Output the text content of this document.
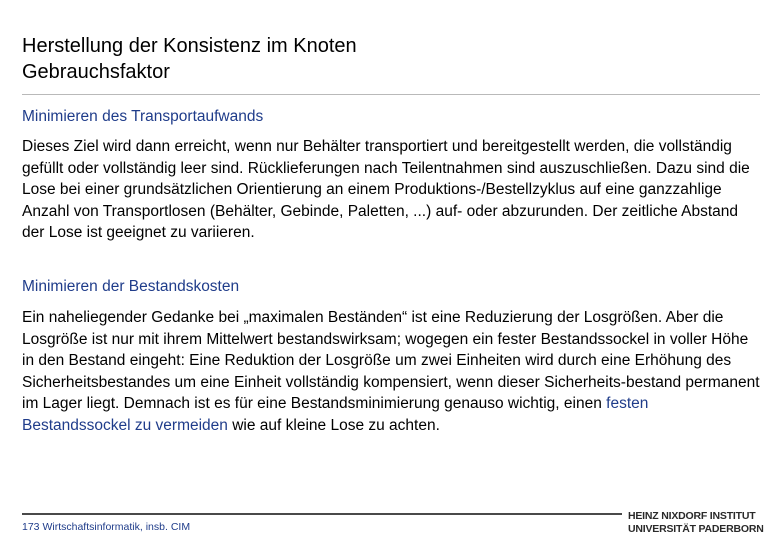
Herstellung der Konsistenz im Knoten
Gebrauchsfaktor
Minimieren des Transportaufwands

Dieses Ziel wird dann erreicht, wenn nur Behälter transportiert und bereitgestellt werden, die vollständig gefüllt oder vollständig leer sind. Rücklieferungen nach Teilentnahmen sind auszuschließen. Dazu sind die Lose bei einer grundsätzlichen Orientierung an einem Produktions-/Bestellzyklus auf eine ganzzahlige Anzahl von Transportlosen (Behälter, Gebinde, Paletten, ...) auf- oder abzurunden. Der zeitliche Abstand der Lose ist geeignet zu variieren.

Minimieren der Bestandskosten

Ein naheliegender Gedanke bei „maximalen Beständen“ ist eine Reduzierung der Losgrößen. Aber die Losgröße ist nur mit ihrem Mittelwert bestandswirksam; wogegen ein fester Bestandssockel in voller Höhe in den Bestand eingeht: Eine Reduktion der Losgröße um zwei Einheiten wird durch eine Erhöhung des Sicherheitsbestandes um eine Einheit vollständig kompensiert, wenn dieser Sicherheits-bestand permanent im Lager liegt. Demnach ist es für eine Bestandsminimierung genauso wichtig, einen festen Bestandssockel zu vermeiden wie auf kleine Lose zu achten.

173 Wirtschaftsinformatik, insb. CIM
HEINZ NIXDORF INSTITUT
UNIVERSITÄT PADERBORN
